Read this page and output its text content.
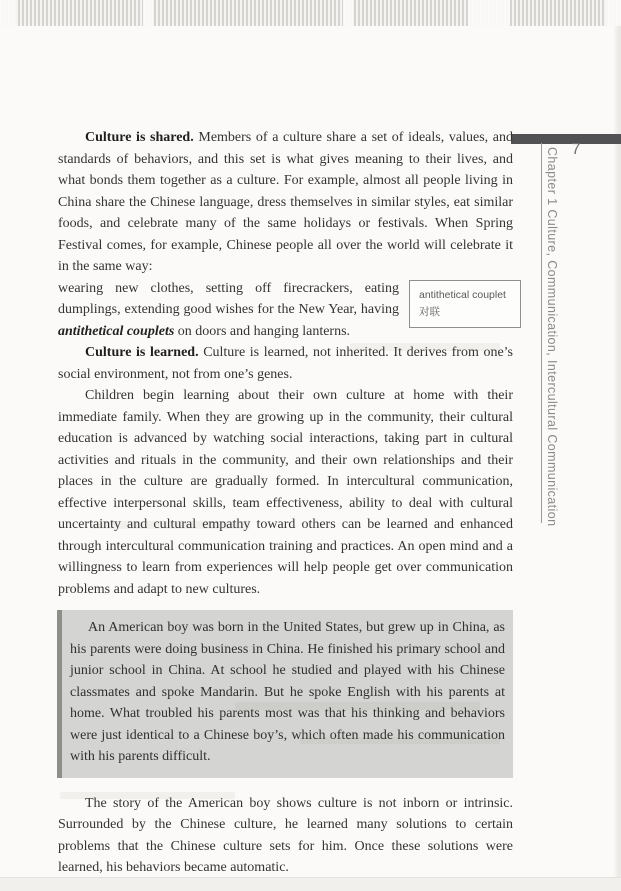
7
Chapter 1 Culture, Communication, Intercultural Communication

Culture is shared. Members of a culture share a set of ideals, values, and standards of behaviors, and this set is what gives meaning to their lives, and what bonds them together as a culture. For example, almost all people living in China share the Chinese language, dress themselves in similar styles, eat similar foods, and celebrate many of the same holidays or festivals. When Spring Festival comes, for example, Chinese people all over the world will celebrate it in the same way:

antithetical couplet
对联
wearing new clothes, setting off firecrackers, eating dumplings, extending good wishes for the New Year, having antithetical couplets on doors and hanging lanterns.

Culture is learned. Culture is learned, not inherited. It derives from one’s social environment, not from one’s genes.

Children begin learning about their own culture at home with their immediate family. When they are growing up in the community, their cultural education is advanced by watching social interactions, taking part in cultural activities and rituals in the community, and their own relationships and their places in the culture are gradually formed. In intercultural communication, effective interpersonal skills, team effectiveness, ability to deal with cultural uncertainty and cultural empathy toward others can be learned and enhanced through intercultural communication training and practices. An open mind and a willingness to learn from experiences will help people get over communication problems and adapt to new cultures.

An American boy was born in the United States, but grew up in China, as his parents were doing business in China. He finished his primary school and junior school in China. At school he studied and played with his Chinese classmates and spoke Mandarin. But he spoke English with his parents at home. What troubled his parents most was that his thinking and behaviors were just identical to a Chinese boy’s, which often made his communication with his parents difficult.

The story of the American boy shows culture is not inborn or intrinsic. Surrounded by the Chinese culture, he learned many solutions to certain problems that the Chinese culture sets for him. Once these solutions were learned, his behaviors became automatic.
